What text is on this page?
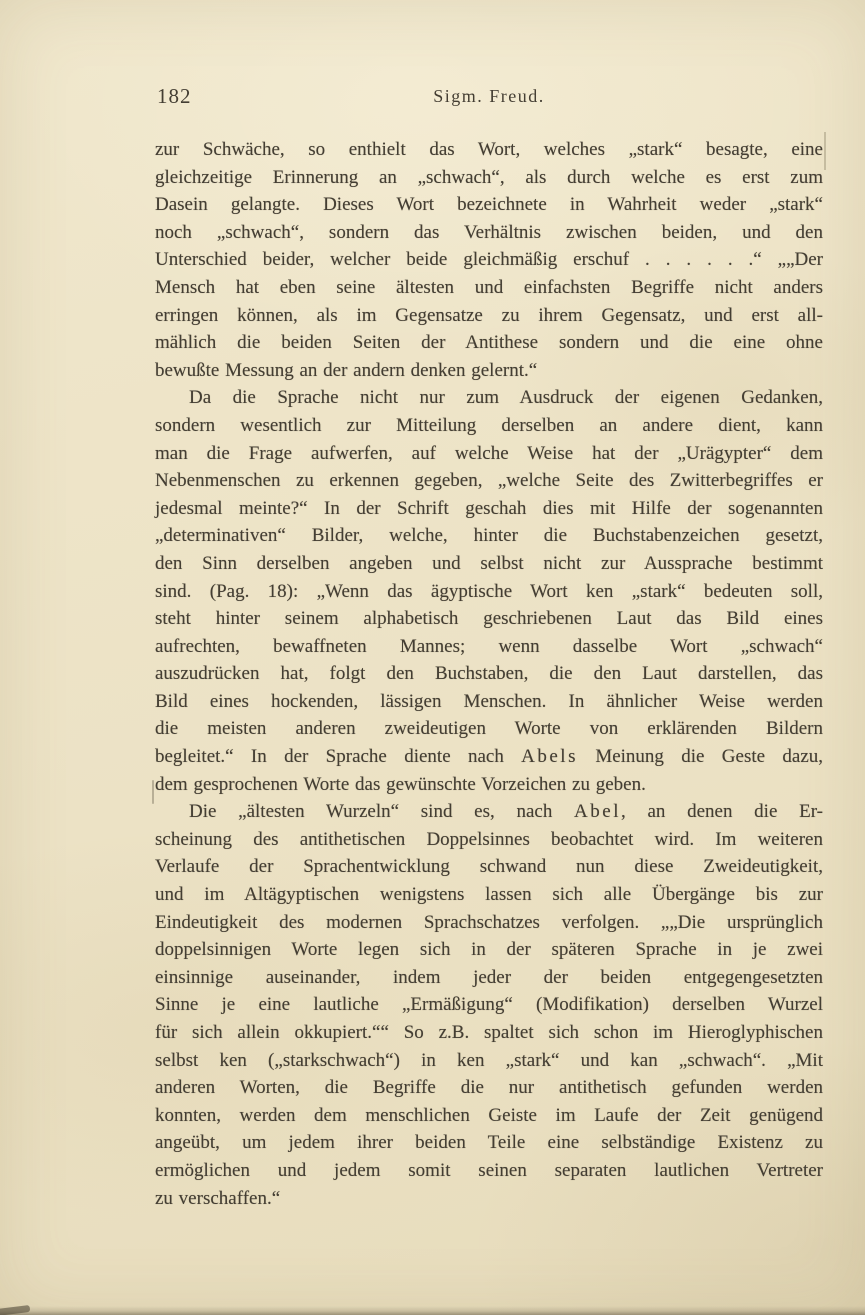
182	Sigm. Freud.
zur Schwäche, so enthielt das Wort, welches „stark“ besagte, eine
gleichzeitige Erinnerung an „schwach“, als durch welche es erst zum
Dasein gelangte. Dieses Wort bezeichnete in Wahrheit weder „stark“
noch „schwach“, sondern das Verhältnis zwischen beiden, und den
Unterschied beider, welcher beide gleichmäßig erschuf . . . . . .“ „„Der
Mensch hat eben seine ältesten und einfachsten Begriffe nicht anders
erringen können, als im Gegensatze zu ihrem Gegensatz, und erst all-
mählich die beiden Seiten der Antithese sondern und die eine ohne
bewußte Messung an der andern denken gelernt.“
Da die Sprache nicht nur zum Ausdruck der eigenen Gedanken,
sondern wesentlich zur Mitteilung derselben an andere dient, kann
man die Frage aufwerfen, auf welche Weise hat der „Urägypter“ dem
Nebenmenschen zu erkennen gegeben, „welche Seite des Zwitterbegriffes er
jedesmal meinte?“ In der Schrift geschah dies mit Hilfe der sogenannten
„determinativen“ Bilder, welche, hinter die Buchstabenzeichen gesetzt,
den Sinn derselben angeben und selbst nicht zur Aussprache bestimmt
sind. (Pag. 18): „Wenn das ägyptische Wort ken „stark“ bedeuten soll,
steht hinter seinem alphabetisch geschriebenen Laut das Bild eines
aufrechten, bewaffneten Mannes; wenn dasselbe Wort „schwach“
auszudrücken hat, folgt den Buchstaben, die den Laut darstellen, das
Bild eines hockenden, lässigen Menschen. In ähnlicher Weise werden
die meisten anderen zweideutigen Worte von erklärenden Bildern
begleitet.“ In der Sprache diente nach Abels Meinung die Geste dazu,
dem gesprochenen Worte das gewünschte Vorzeichen zu geben.
Die „ältesten Wurzeln“ sind es, nach Abel, an denen die Er-
scheinung des antithetischen Doppelsinnes beobachtet wird. Im weiteren
Verlaufe der Sprachentwicklung schwand nun diese Zweideutigkeit,
und im Altägyptischen wenigstens lassen sich alle Übergänge bis zur
Eindeutigkeit des modernen Sprachschatzes verfolgen. „„Die ursprünglich
doppelsinnigen Worte legen sich in der späteren Sprache in je zwei
einsinnige auseinander, indem jeder der beiden entgegengesetzten
Sinne je eine lautliche „Ermäßigung“ (Modifikation) derselben Wurzel
für sich allein okkupiert.““ So z.B. spaltet sich schon im Hieroglyphischen
selbst ken („starkschwach“) in ken „stark“ und kan „schwach“. „Mit
anderen Worten, die Begriffe die nur antithetisch gefunden werden
konnten, werden dem menschlichen Geiste im Laufe der Zeit genügend
angeübt, um jedem ihrer beiden Teile eine selbständige Existenz zu
ermöglichen und jedem somit seinen separaten lautlichen Vertreter
zu verschaffen.“
